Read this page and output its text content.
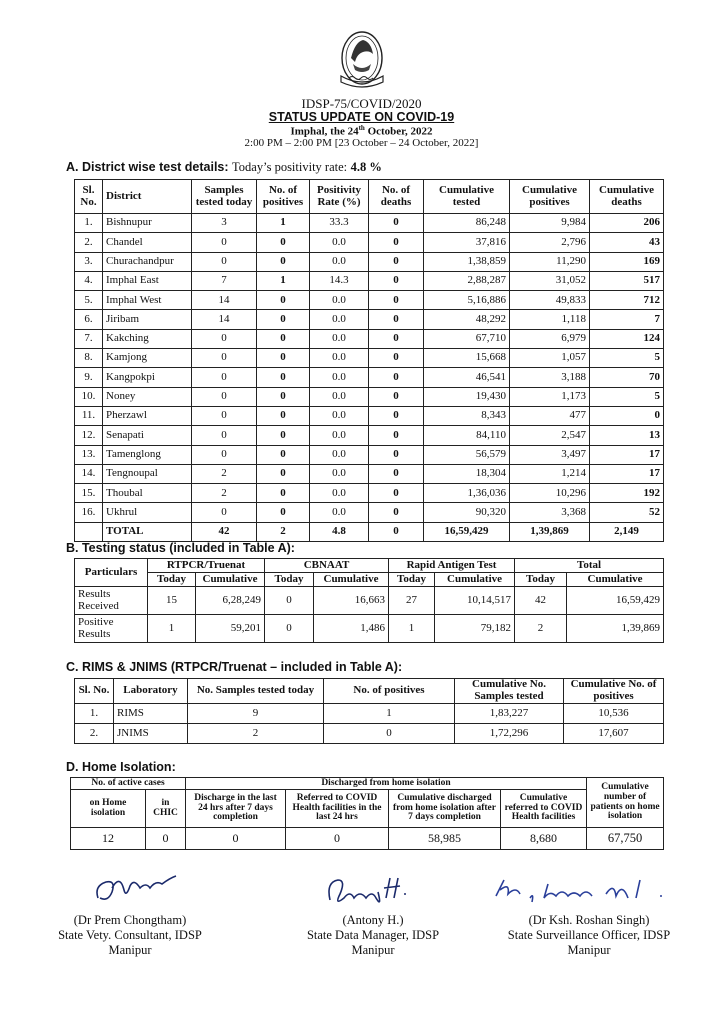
IDSP-75/COVID/2020
STATUS UPDATE ON COVID-19
Imphal, the 24th October, 2022
2:00 PM – 2:00 PM [23 October – 24 October, 2022]
A. District wise test details: Today’s positivity rate: 4.8 %
Sl. No.	District	Samples tested today	No. of positives	Positivity Rate (%)	No. of deaths	Cumulative tested	Cumulative positives	Cumulative deaths
1.	Bishnupur	3	1	33.3	0	86,248	9,984	206
2.	Chandel	0	0	0.0	0	37,816	2,796	43
3.	Churachandpur	0	0	0.0	0	1,38,859	11,290	169
4.	Imphal East	7	1	14.3	0	2,88,287	31,052	517
5.	Imphal West	14	0	0.0	0	5,16,886	49,833	712
6.	Jiribam	14	0	0.0	0	48,292	1,118	7
7.	Kakching	0	0	0.0	0	67,710	6,979	124
8.	Kamjong	0	0	0.0	0	15,668	1,057	5
9.	Kangpokpi	0	0	0.0	0	46,541	3,188	70
10.	Noney	0	0	0.0	0	19,430	1,173	5
11.	Pherzawl	0	0	0.0	0	8,343	477	0
12.	Senapati	0	0	0.0	0	84,110	2,547	13
13.	Tamenglong	0	0	0.0	0	56,579	3,497	17
14.	Tengnoupal	2	0	0.0	0	18,304	1,214	17
15.	Thoubal	2	0	0.0	0	1,36,036	10,296	192
16.	Ukhrul	0	0	0.0	0	90,320	3,368	52
	TOTAL	42	2	4.8	0	16,59,429	1,39,869	2,149
B. Testing status (included in Table A):
Particulars	RTPCR/Truenat		CBNAAT		Rapid Antigen Test		Total	
	Today	Cumulative	Today	Cumulative	Today	Cumulative	Today	Cumulative
Results Received	15	6,28,249	0	16,663	27	10,14,517	42	16,59,429
Positive Results	1	59,201	0	1,486	1	79,182	2	1,39,869
C. RIMS & JNIMS (RTPCR/Truenat – included in Table A):
Sl. No.	Laboratory	No. Samples tested today	No. of positives	Cumulative No. Samples tested	Cumulative No. of positives
1.	RIMS	9	1	1,83,227	10,536
2.	JNIMS	2	0	1,72,296	17,607
D. Home Isolation:
No. of active cases		Discharged from home isolation				Cumulative number of patients on home isolation
on Home isolation	in CHIC	Discharge in the last 24 hrs after 7 days completion	Referred to COVID Health facilities in the last 24 hrs	Cumulative discharged from home isolation after 7 days completion	Cumulative referred to COVID Health facilities	
12	0	0	0	58,985	8,680	67,750
(Dr Prem Chongtham)
State Vety. Consultant, IDSP
Manipur
(Antony H.)
State Data Manager, IDSP
Manipur
(Dr Ksh. Roshan Singh)
State Surveillance Officer, IDSP
Manipur
